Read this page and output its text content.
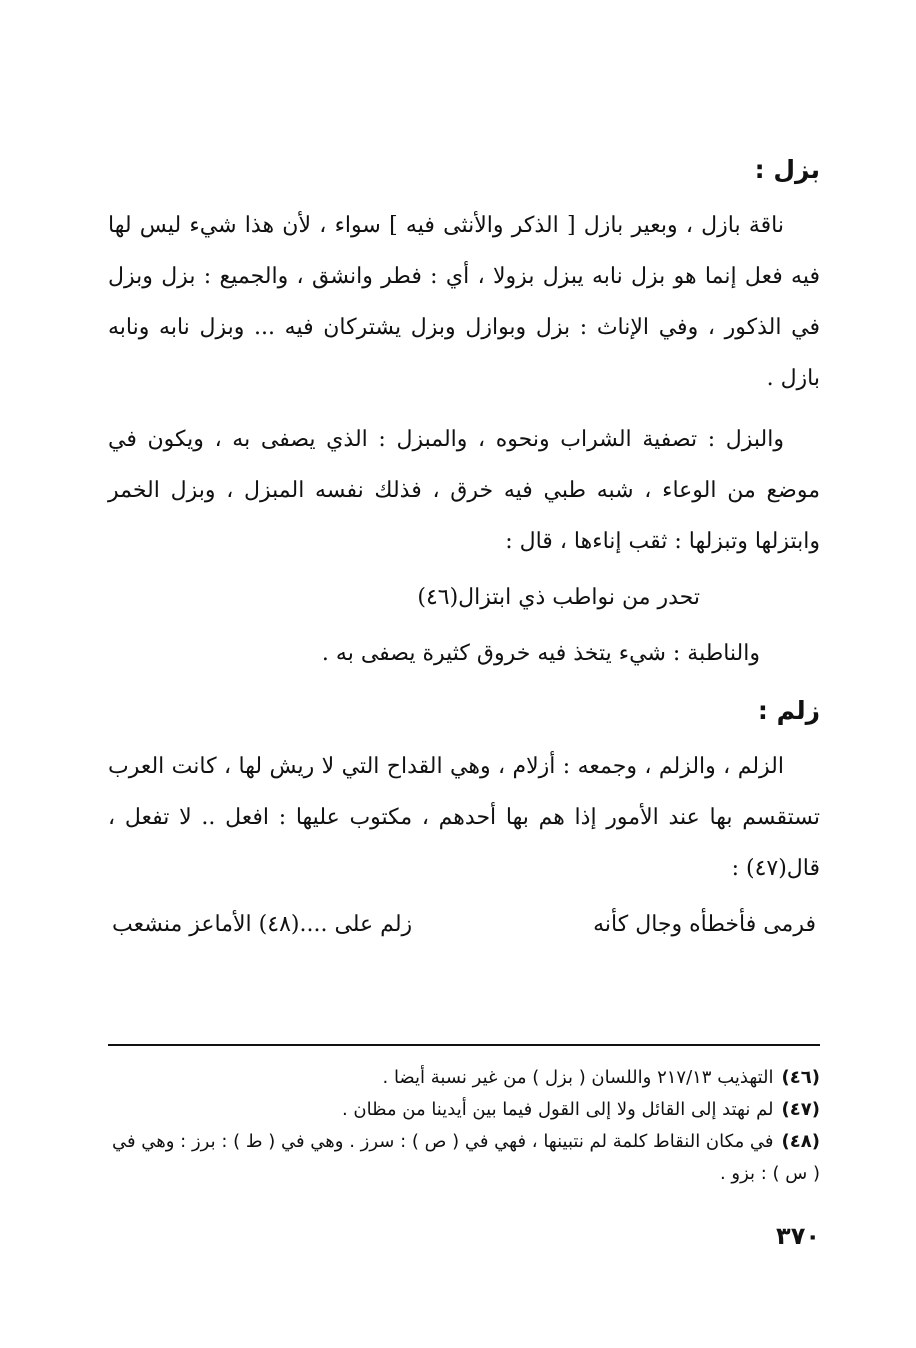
بزل :

ناقة بازل ، وبعير بازل [ الذكر والأنثى فيه ] سواء ، لأن هذا شيء ليس لها فيه فعل إنما هو بزل نابه يبزل بزولا ، أي : فطر وانشق ، والجميع : بزل وبزل في الذكور ، وفي الإناث : بزل وبوازل وبزل يشتركان فيه ... وبزل نابه ونابه بازل .

والبزل : تصفية الشراب ونحوه ، والمبزل : الذي يصفى به ، ويكون في موضع من الوعاء ، شبه طبي فيه خرق ، فذلك نفسه المبزل ، وبزل الخمر وابتزلها وتبزلها : ثقب إناءها ، قال :

تحدر من نواطب ذي ابتزال(٤٦)
والناطبة : شيء يتخذ فيه خروق كثيرة يصفى به .
زلم :

الزلم ، والزلم ، وجمعه : أزلام ، وهي القداح التي لا ريش لها ، كانت العرب تستقسم بها عند الأمور إذا هم بها أحدهم ، مكتوب عليها : افعل .. لا تفعل ، قال(٤٧) :

فرمى فأخطأه وجال كأنه
زلم على ....(٤٨) الأماعز منشعب

(٤٦)التهذيب ٢١٧/١٣ واللسان ( بزل ) من غير نسبة أيضا .

(٤٧)لم نهتد إلى القائل ولا إلى القول فيما بين أيدينا من مظان .

(٤٨)في مكان النقاط كلمة لم نتبينها ، فهي في ( ص ) : سرز . وهي في ( ط ) : برز : وهي في ( س ) : بزو .

٣٧٠
